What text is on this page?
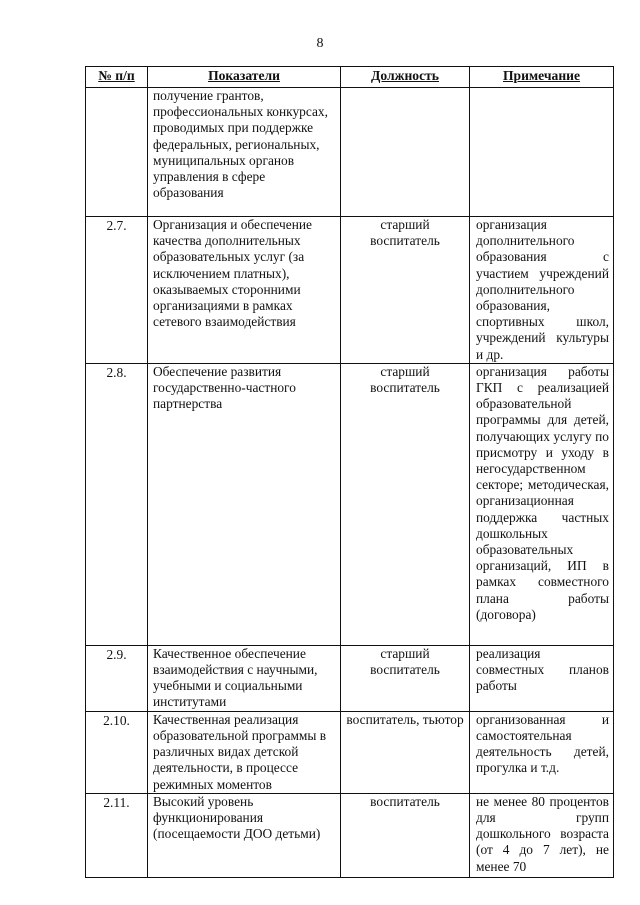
8
№ п/п	Показатели	Должность	Примечание
	получение грантов, профессиональных конкурсах, проводимых при поддержке федеральных, региональных, муниципальных органов управления в сфере образования		
2.7.	Организация и обеспечение качества дополнительных образовательных услуг (за исключением платных), оказываемых сторонними организациями в рамках сетевого взаимодействия	старший воспитатель	организация дополнительного образования с участием учреждений дополнительного образования, спортивных школ, учреждений культуры и др.
2.8.	Обеспечение развития государственно-частного партнерства	старший воспитатель	организация работы ГКП с реализацией образовательной программы для детей, получающих услугу по присмотру и уходу в негосударственном секторе; методическая, организационная поддержка частных дошкольных образовательных организаций, ИП в рамках совместного плана работы (договора)
2.9.	Качественное обеспечение взаимодействия с научными, учебными и социальными институтами	старший воспитатель	реализация совместных планов работы
2.10.	Качественная реализация образовательной программы в различных видах детской деятельности, в процессе режимных моментов	воспитатель, тьютор	организованная и самостоятельная деятельность детей, прогулка и т.д.
2.11.	Высокий уровень функционирования (посещаемости ДОО детьми)	воспитатель	не менее 80 процентов для групп дошкольного возраста (от 4 до 7 лет), не менее 70
